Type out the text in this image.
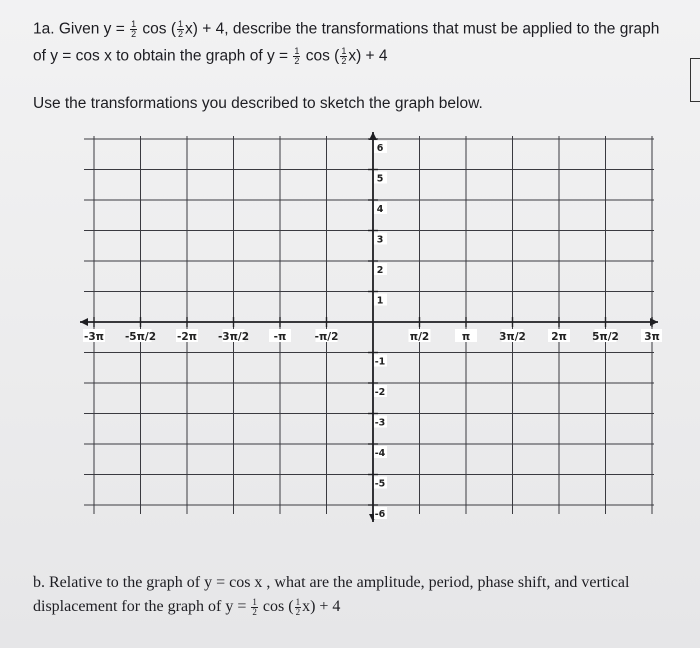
1a. Given $y = \frac{1}{2}$ cos ( $\frac{1}{2} x) + 4$, describe the transformations that must be applied to the graph
of y = cos x to obtain the graph of $y = \frac{1}{2}$ cos ( $\frac{1}{2} x) + 4$
Use the transformations you described to sketch the graph below.
-3π -5π/2 -2π -3π/2 -π	-π/2	π/2	π	3π/2 2π 5π/2 3π
6
5
4
3
2
1
-1
-2
-3
-4
-5
-6
b. Relative to the graph of y = cos x , what are the amplitude, period, phase shift, and vertical
displacement for the graph of $y = \frac{1}{2}$ cos ( $\frac{1}{2} x) + 4$
